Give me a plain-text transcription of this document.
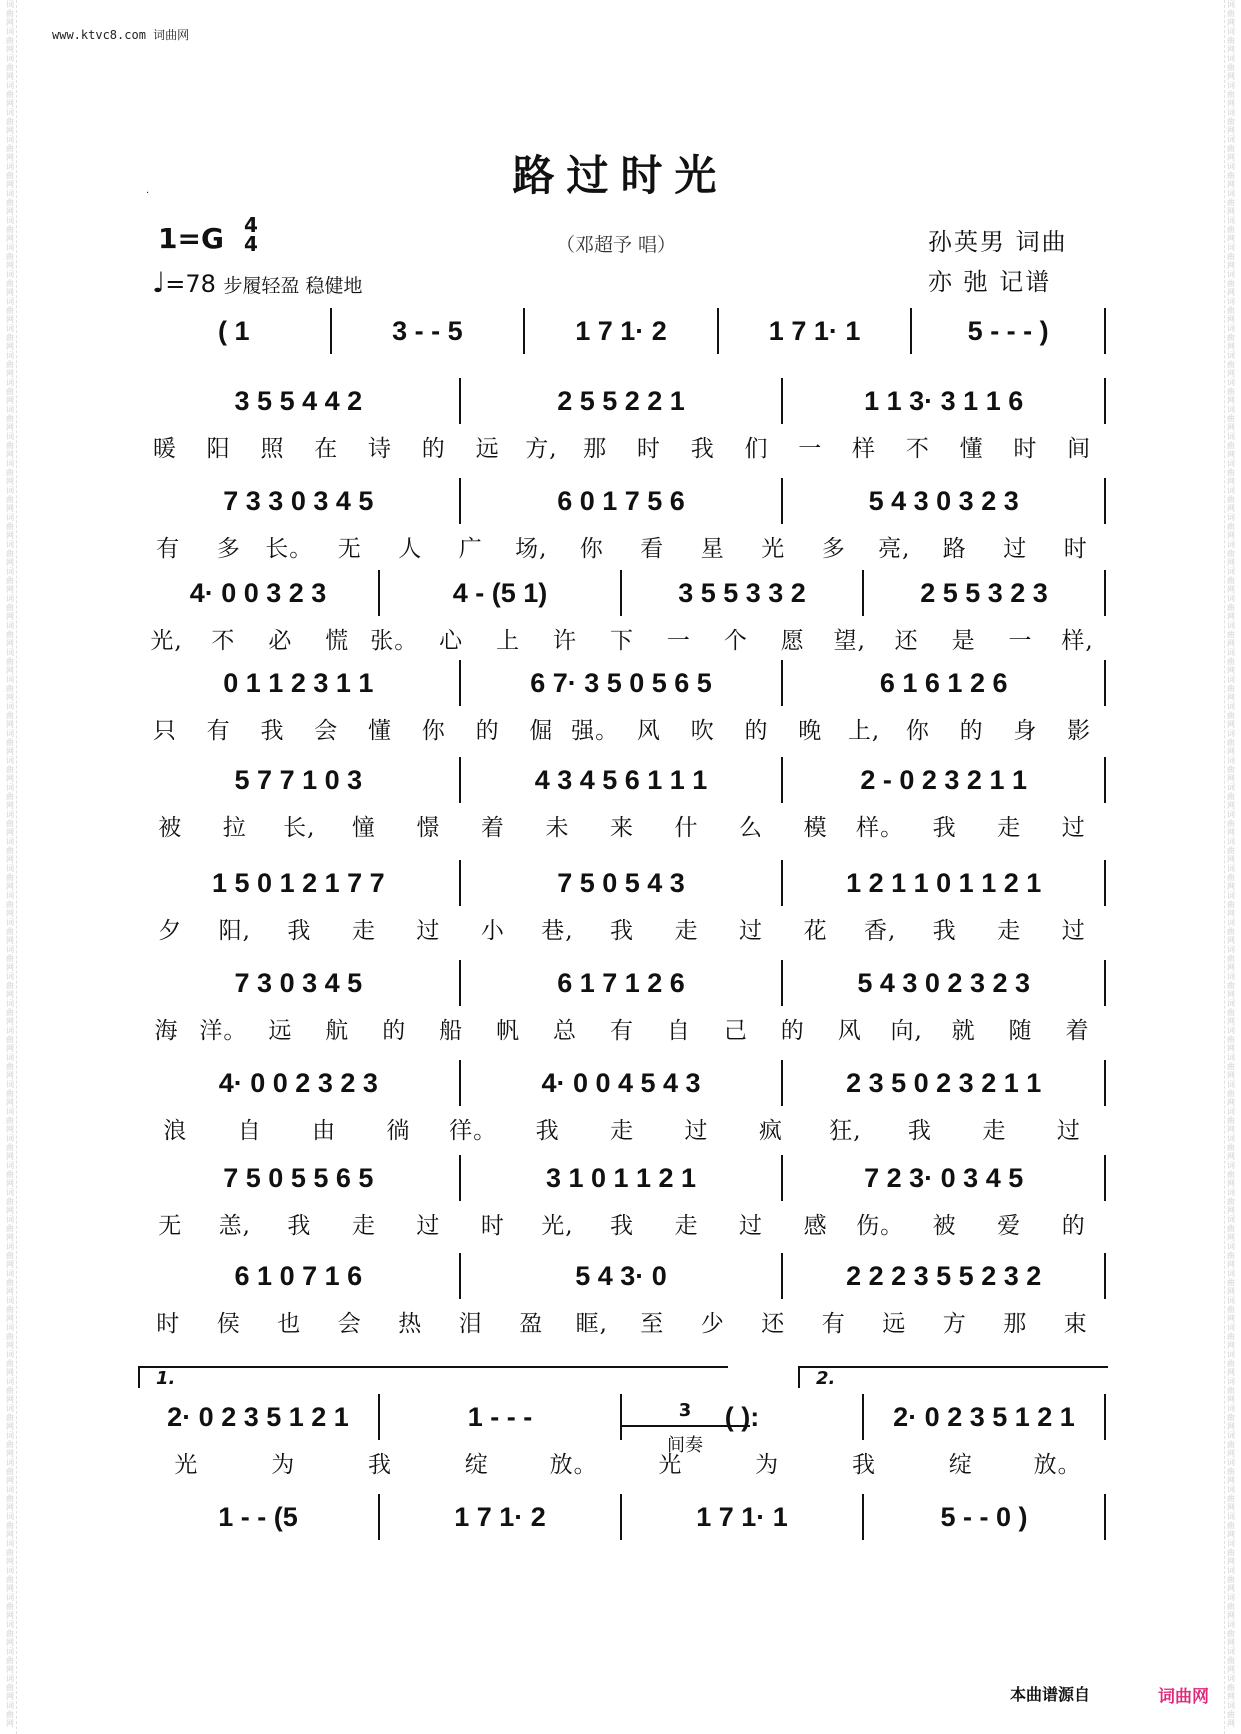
词曲网词曲网词曲网词曲网词曲网词曲网词曲网词曲网词曲网词曲网词曲网词曲网词曲网词曲网词曲网词曲网词曲网词曲网词曲网词曲网词曲网词曲网词曲网词曲网词曲网词曲网词曲网词曲网词曲网词曲网词曲网词曲网词曲网词曲网词曲网词曲网词曲网词曲网词曲网词曲网词曲网词曲网词曲网词曲网词曲网词曲网词曲网词曲网词曲网词曲网词曲网词曲网词曲网词曲网词曲网词曲网词曲网词曲网词曲网词曲网词曲网词曲网词曲网词曲网
词曲网词曲网词曲网词曲网词曲网词曲网词曲网词曲网词曲网词曲网词曲网词曲网词曲网词曲网词曲网词曲网词曲网词曲网词曲网词曲网词曲网词曲网词曲网词曲网词曲网词曲网词曲网词曲网词曲网词曲网词曲网词曲网词曲网词曲网词曲网词曲网词曲网词曲网词曲网词曲网词曲网词曲网词曲网词曲网词曲网词曲网词曲网词曲网词曲网词曲网词曲网词曲网词曲网词曲网词曲网词曲网词曲网词曲网词曲网词曲网词曲网词曲网词曲网词曲网
www.ktvc8.com 词曲网
路过时光
·
1=G 4
4
♩=78 步履轻盈 稳健地
（邓超予 唱）	孙英男 词曲
亦 弛 记谱
( 1	3 - - 5	1 7 1· 2	1 7 1· 1	5 - - - )
3 5 5 4 4 2	2 5 5 2 2 1	1 1 3· 3 1 1 6
暖	阳	照	在	诗	的	远	方,	那	时	我	们	一	样	不	懂	时	间
7 3 3 0 3 4 5	6 0 1 7 5 6	5 4 3 0 3 2 3
有	多	长。	无	人	广	场,	你	看	星	光	多	亮,	路	过	时
4· 0 0 3 2 3	4 - (5 1)	3 5 5 3 3 2	2 5 5 3 2 3
光,	不	必	慌 张。 心	上	许	下	一	个	愿	望,	还	是	一	样,
0 1 1 2 3 1 1	6 7· 3 5 0 5 6 5	6 1 6 1 2 6
只	有	我	会	懂	你	的	倔 强。 风	吹	的	晚	上,	你	的	身	影
5 7 7 1 0 3	4 3 4 5 6 1 1 1	2 - 0 2 3 2 1 1
被	拉	长,	憧	憬	着	未	来	什	么	模	样。	我	走	过
1 5 0 1 2 1 7 7	7 5 0 5 4 3	1 2 1 1 0 1 1 2 1
夕	阳,	我	走	过	小	巷,	我	走	过	花	香,	我	走	过
7 3 0 3 4 5	6 1 7 1 2 6	5 4 3 0 2 3 2 3
海 洋。 远	航	的	船	帆	总	有	自	己	的	风	向,	就	随	着
4· 0 0 2 3 2 3	4· 0 0 4 5 4 3	2 3 5 0 2 3 2 1 1
浪	自	由	徜	徉。	我	走	过	疯	狂,	我	走	过
7 5 0 5 5 6 5	3 1 0 1 1 2 1	7 2 3· 0 3 4 5
无	恙,	我	走	过	时	光,	我	走	过	感	伤。	被	爱	的
6 1 0 7 1 6	5 4 3· 0	2 2 2 3 5 5 2 3 2
时	侯	也	会	热	泪	盈	眶,	至	少	还	有	远	方	那	束
2· 0 2 3 5 1 2 1	1 - - -	( ):	2· 0 2 3 5 1 2 1
光	为	我	绽	放。	光	为	我	绽	放。
1 - - (5	1 7 1· 2	1 7 1· 1	5 - - 0 )
1.	2.
3
间奏
本曲谱源自	词曲网
